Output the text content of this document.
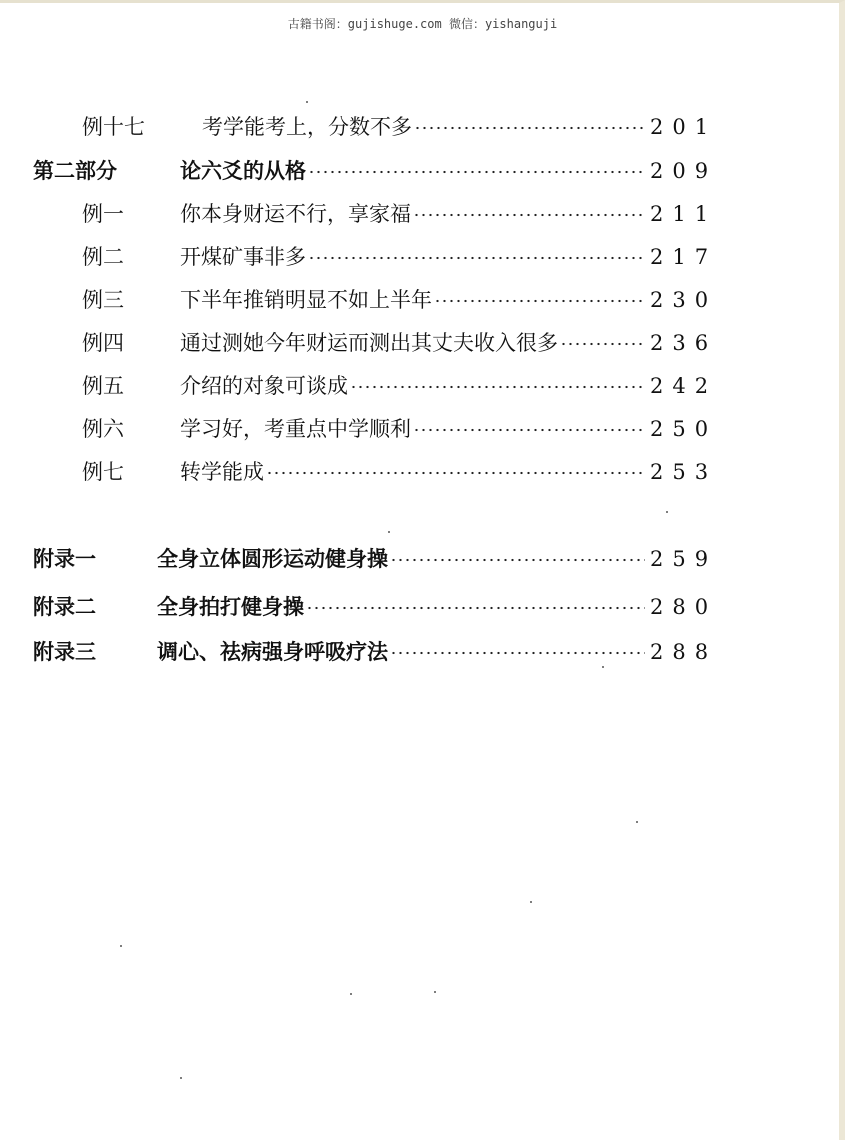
古籍书阁：gujishuge.com 微信：yishanguji
例十七	考学能考上，分数不多	201
第二部分	论六爻的从格	209
例一	你本身财运不行，享家福	211
例二	开煤矿事非多	217
例三	下半年推销明显不如上半年	230
例四	通过测她今年财运而测出其丈夫收入很多	236
例五	介绍的对象可谈成	242
例六	学习好，考重点中学顺利	250
例七	转学能成	253
附录一	全身立体圆形运动健身操	259
附录二	全身拍打健身操	280
附录三	调心、祛病强身呼吸疗法	288
